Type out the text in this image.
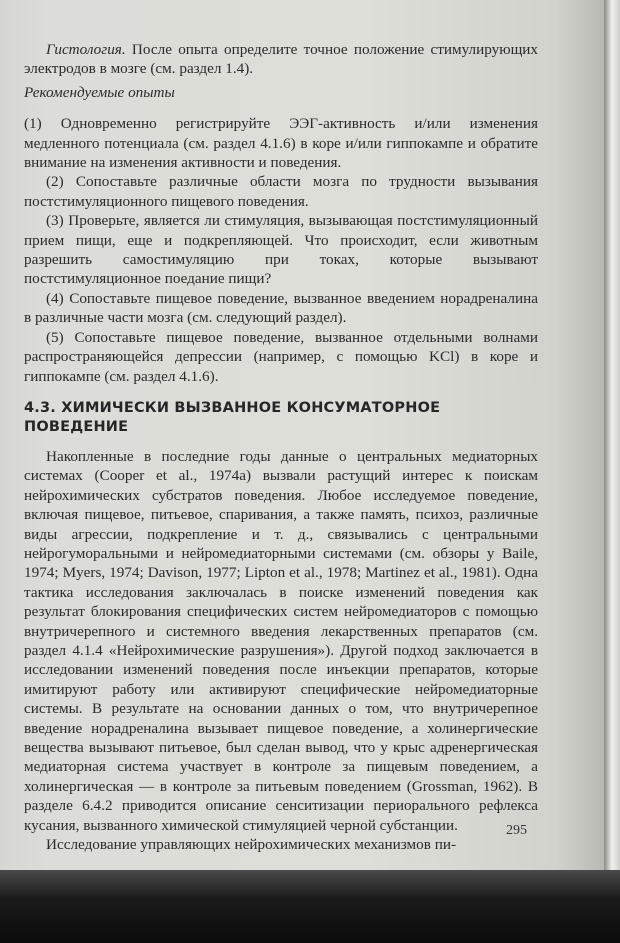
Гистология. После опыта определите точное положение стимулирующих электродов в мозге (см. раздел 1.4).

Рекомендуемые опыты

(1) Одновременно регистрируйте ЭЭГ-активность и/или изменения медленного потенциала (см. раздел 4.1.6) в коре и/или гиппокампе и обратите внимание на изменения активности и поведения.

(2) Сопоставьте различные области мозга по трудности вызывания постстимуляционного пищевого поведения.

(3) Проверьте, является ли стимуляция, вызывающая постстимуляционный прием пищи, еще и подкрепляющей. Что происходит, если животным разрешить самостимуляцию при токах, которые вызывают постстимуляционное поедание пищи?

(4) Сопоставьте пищевое поведение, вызванное введением норадреналина в различные части мозга (см. следующий раздел).

(5) Сопоставьте пищевое поведение, вызванное отдельными волнами распространяющейся депрессии (например, с помощью KCl) в коре и гиппокампе (см. раздел 4.1.6).

4.3. ХИМИЧЕСКИ ВЫЗВАННОЕ КОНСУМАТОРНОЕ
ПОВЕДЕНИЕ

Накопленные в последние годы данные о центральных медиаторных системах (Cooper et al., 1974a) вызвали растущий интерес к поискам нейрохимических субстратов поведения. Любое исследуемое поведение, включая пищевое, питьевое, спаривания, а также память, психоз, различные виды агрессии, подкрепление и т. д., связывались с центральными нейрогуморальными и нейромедиаторными системами (см. обзоры у Baile, 1974; Myers, 1974; Davison, 1977; Lipton et al., 1978; Martinez et al., 1981). Одна тактика исследования заключалась в поиске изменений поведения как результат блокирования специфических систем нейромедиаторов с помощью внутричерепного и системного введения лекарственных препаратов (см. раздел 4.1.4 «Нейрохимические разрушения»). Другой подход заключается в исследовании изменений поведения после инъекции препаратов, которые имитируют работу или активируют специфические нейромедиаторные системы. В результате на основании данных о том, что внутричерепное введение норадреналина вызывает пищевое поведение, а холинергические вещества вызывают питьевое, был сделан вывод, что у крыс адренергическая медиаторная система участвует в контроле за пищевым поведением, а холинергическая — в контроле за питьевым поведением (Grossman, 1962). В разделе 6.4.2 приводится описание сенситизации периорального рефлекса кусания, вызванного химической стимуляцией черной субстанции.

Исследование управляющих нейрохимических механизмов пи-

295
